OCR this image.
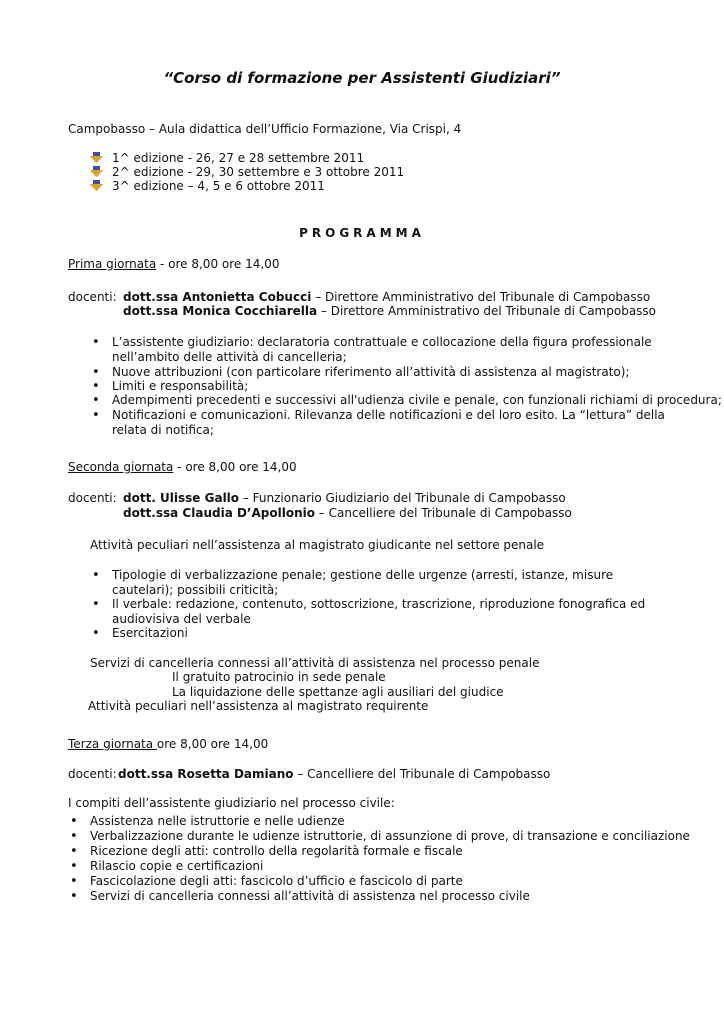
“Corso di formazione per Assistenti Giudiziari”
Campobasso – Aula didattica dell’Ufficio Formazione, Via Crispi, 4
1^ edizione - 26, 27 e 28 settembre 2011
2^ edizione - 29, 30 settembre e 3 ottobre 2011
3^ edizione – 4, 5 e 6 ottobre 2011
PROGRAMMA
Prima giornata - ore 8,00 ore 14,00
docenti: dott.ssa Antonietta Cobucci – Direttore Amministrativo del Tribunale di Campobasso
dott.ssa Monica Cocchiarella – Direttore Amministrativo del Tribunale di Campobasso
• L’assistente giudiziario: declaratoria contrattuale e collocazione della figura professionale nell’ambito delle attività di cancelleria;
• Nuove attribuzioni (con particolare riferimento all’attività di assistenza al magistrato);
• Limiti e responsabilità;
• Adempimenti precedenti e successivi all'udienza civile e penale, con funzionali richiami di procedura;
• Notificazioni e comunicazioni. Rilevanza delle notificazioni e del loro esito. La “lettura” della relata di notifica;
Seconda giornata - ore 8,00 ore 14,00
docenti: dott. Ulisse Gallo – Funzionario Giudiziario del Tribunale di Campobasso
dott.ssa Claudia D’Apollonio – Cancelliere del Tribunale di Campobasso
Attività peculiari nell’assistenza al magistrato giudicante nel settore penale
• Tipologie di verbalizzazione penale; gestione delle urgenze (arresti, istanze, misure cautelari); possibili criticità;
• Il verbale: redazione, contenuto, sottoscrizione, trascrizione, riproduzione fonografica ed audiovisiva del verbale
• Esercitazioni
Servizi di cancelleria connessi all’attività di assistenza nel processo penale
Il gratuito patrocinio in sede penale
La liquidazione delle spettanze agli ausiliari del giudice
Attività peculiari nell’assistenza al magistrato requirente
Terza giornata ore 8,00 ore 14,00
docenti: dott.ssa Rosetta Damiano – Cancelliere del Tribunale di Campobasso
I compiti dell’assistente giudiziario nel processo civile:
• Assistenza nelle istruttorie e nelle udienze
• Verbalizzazione durante le udienze istruttorie, di assunzione di prove, di transazione e conciliazione
• Ricezione degli atti: controllo della regolarità formale e fiscale
• Rilascio copie e certificazioni
• Fascicolazione degli atti: fascicolo d’ufficio e fascicolo di parte
• Servizi di cancelleria connessi all’attività di assistenza nel processo civile
